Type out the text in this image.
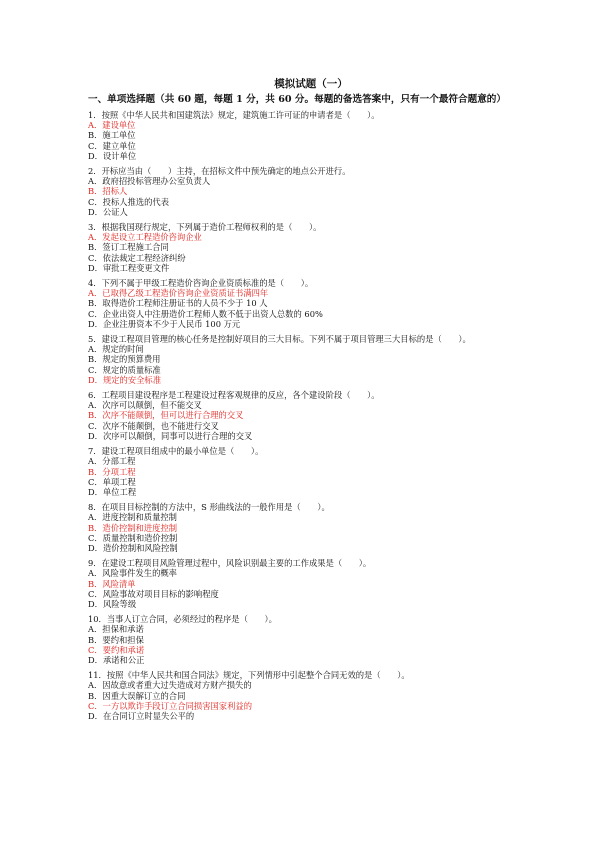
模拟试题（一）
一、单项选择题（共 60 题，每题 1 分，共 60 分。每题的备选答案中，只有一个最符合题意的）
1．按照《中华人民共和国建筑法》规定，建筑施工许可证的申请者是（　　）。
A．建设单位
B．施工单位
C．建立单位
D．设计单位
2．开标应当由（　　）主持，在招标文件中预先确定的地点公开进行。
A．政府招投标管理办公室负责人
B．招标人
C．投标人推选的代表
D．公证人
3．根据我国现行规定，下列属于造价工程师权利的是（　　）。
A．发起设立工程造价咨询企业
B．签订工程施工合同
C．依法裁定工程经济纠纷
D．审批工程变更文件
4．下列不属于甲级工程造价咨询企业资质标准的是（　　）。
A．已取得乙级工程造价咨询企业资质证书满四年
B．取得造价工程师注册证书的人员不少于 10 人
C．企业出资人中注册造价工程师人数不低于出资人总数的 60%
D．企业注册资本不少于人民币 100 万元
5．建设工程项目管理的核心任务是控制好项目的三大目标。下列不属于项目管理三大目标的是（　　）。
A．规定的时间
B．规定的预算费用
C．规定的质量标准
D．规定的安全标准
6．工程项目建设程序是工程建设过程客观规律的反应，各个建设阶段（　　）。
A．次序可以颠倒，但不能交叉
B．次序不能颠倒，但可以进行合理的交叉
C．次序不能颠倒，也不能进行交叉
D．次序可以颠倒，同事可以进行合理的交叉
7．建设工程项目组成中的最小单位是（　　）。
A．分部工程
B．分项工程
C．单项工程
D．单位工程
8．在项目目标控制的方法中，S 形曲线法的一般作用是（　　）。
A．进度控制和质量控制
B．造价控制和进度控制
C．质量控制和造价控制
D．造价控制和风险控制
9．在建设工程项目风险管理过程中，风险识别最主要的工作成果是（　　）。
A．风险事件发生的概率
B．风险清单
C．风险事故对项目目标的影响程度
D．风险等级
10．当事人订立合同，必须经过的程序是（　　）。
A．担保和承诺
B．要约和担保
C．要约和承诺
D．承诺和公正
11．按照《中华人民共和国合同法》规定，下列情形中引起整个合同无效的是（　　）。
A．因故意或者重大过失造成对方财产损失的
B．因重大误解订立的合同
C．一方以欺诈手段订立合同损害国家利益的
D．在合同订立时显失公平的
